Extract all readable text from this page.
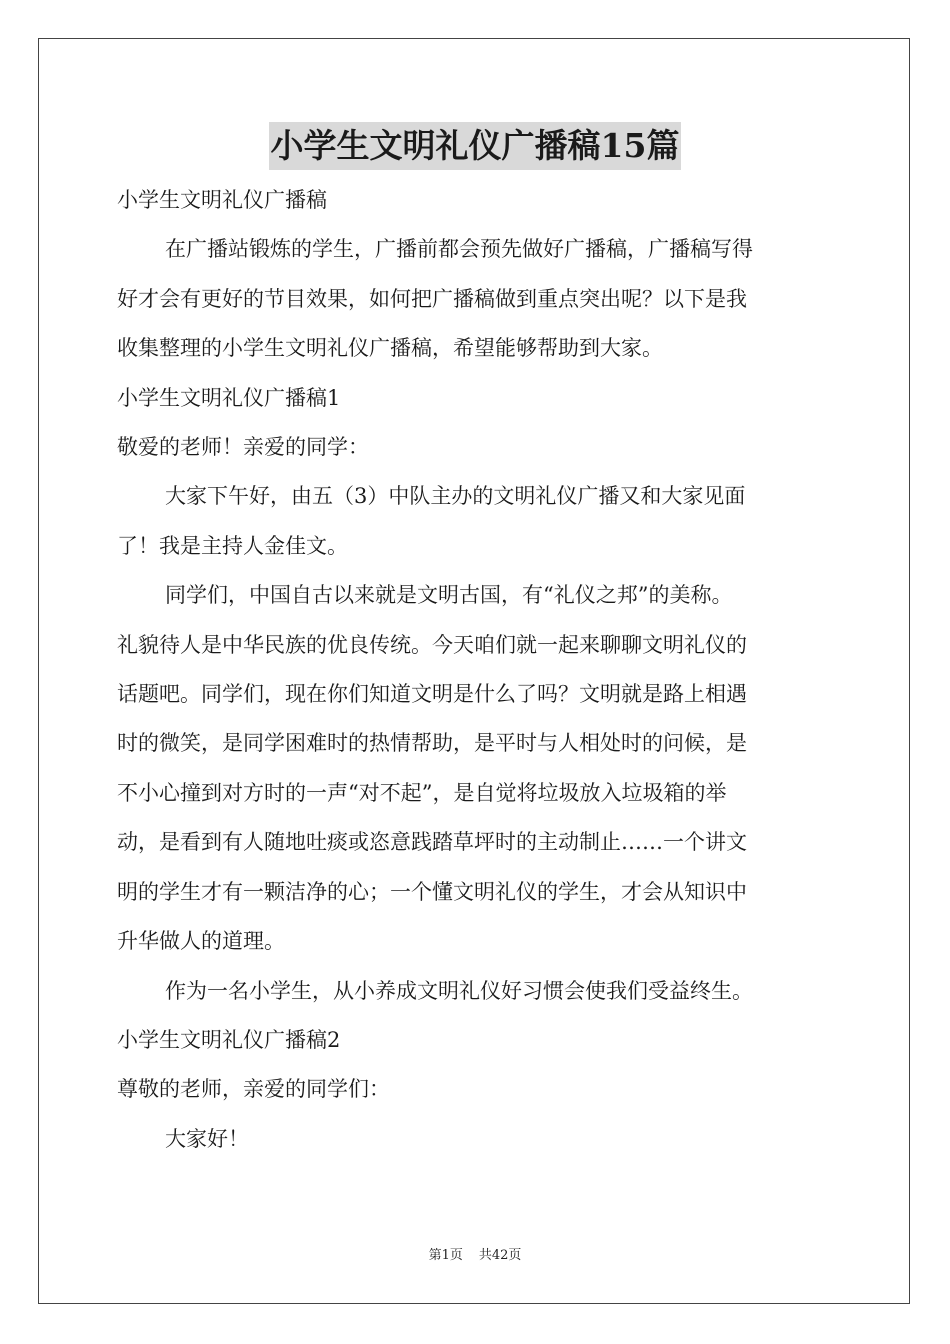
小学生文明礼仪广播稿15篇

小学生文明礼仪广播稿

在广播站锻炼的学生，广播前都会预先做好广播稿，广播稿写得

好才会有更好的节目效果，如何把广播稿做到重点突出呢？以下是我

收集整理的小学生文明礼仪广播稿，希望能够帮助到大家。

小学生文明礼仪广播稿1

敬爱的老师！亲爱的同学：

大家下午好，由五（3）中队主办的文明礼仪广播又和大家见面

了！我是主持人金佳文。

同学们，中国自古以来就是文明古国，有“礼仪之邦”的美称。

礼貌待人是中华民族的优良传统。今天咱们就一起来聊聊文明礼仪的

话题吧。同学们，现在你们知道文明是什么了吗？文明就是路上相遇

时的微笑，是同学困难时的热情帮助，是平时与人相处时的问候，是

不小心撞到对方时的一声“对不起”，是自觉将垃圾放入垃圾箱的举

动，是看到有人随地吐痰或恣意践踏草坪时的主动制止……一个讲文

明的学生才有一颗洁净的心；一个懂文明礼仪的学生，才会从知识中

升华做人的道理。

作为一名小学生，从小养成文明礼仪好习惯会使我们受益终生。

小学生文明礼仪广播稿2

尊敬的老师，亲爱的同学们：

大家好！

第1页 共42页
